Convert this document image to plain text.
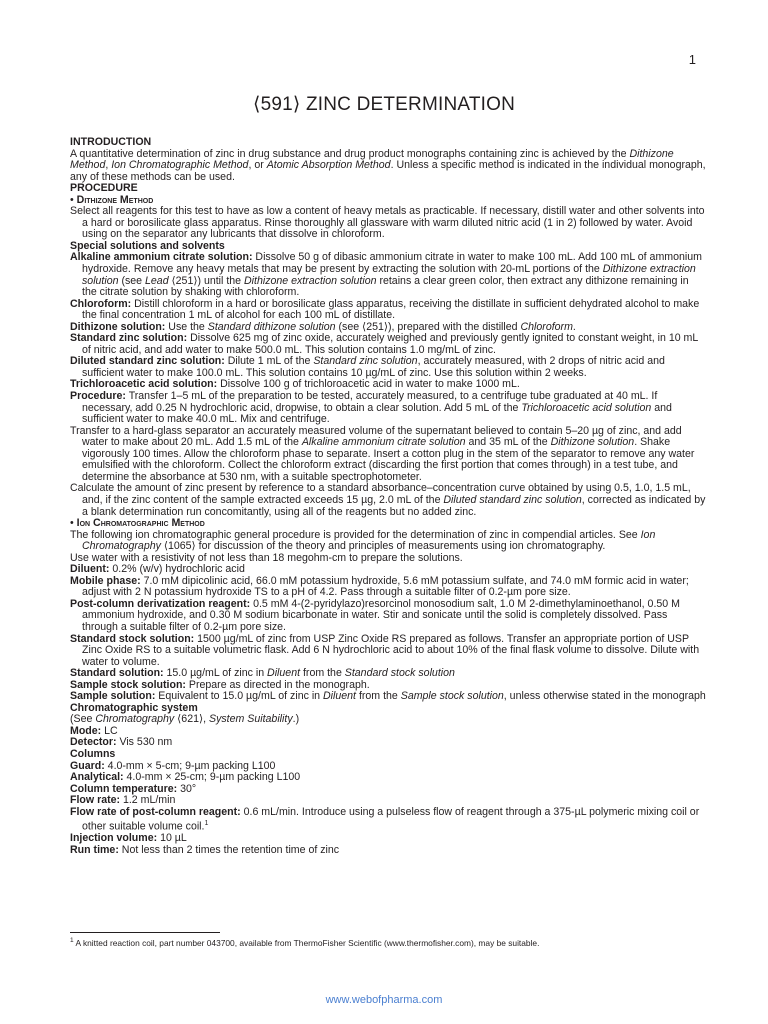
1
⟨591⟩ ZINC DETERMINATION

INTRODUCTION

A quantitative determination of zinc in drug substance and drug product monographs containing zinc is achieved by the Dithizone Method, Ion Chromatographic Method, or Atomic Absorption Method. Unless a specific method is indicated in the individual monograph, any of these methods can be used.

PROCEDURE

• Dithizone Method

Select all reagents for this test to have as low a content of heavy metals as practicable. If necessary, distill water and other solvents into a hard or borosilicate glass apparatus. Rinse thoroughly all glassware with warm diluted nitric acid (1 in 2) followed by water. Avoid using on the separator any lubricants that dissolve in chloroform.

Special solutions and solvents

Alkaline ammonium citrate solution: Dissolve 50 g of dibasic ammonium citrate in water to make 100 mL. Add 100 mL of ammonium hydroxide. Remove any heavy metals that may be present by extracting the solution with 20-mL portions of the Dithizone extraction solution (see Lead ⟨251⟩) until the Dithizone extraction solution retains a clear green color, then extract any dithizone remaining in the citrate solution by shaking with chloroform.

Chloroform: Distill chloroform in a hard or borosilicate glass apparatus, receiving the distillate in sufficient dehydrated alcohol to make the final concentration 1 mL of alcohol for each 100 mL of distillate.

Dithizone solution: Use the Standard dithizone solution (see ⟨251⟩), prepared with the distilled Chloroform.

Standard zinc solution: Dissolve 625 mg of zinc oxide, accurately weighed and previously gently ignited to constant weight, in 10 mL of nitric acid, and add water to make 500.0 mL. This solution contains 1.0 mg/mL of zinc.

Diluted standard zinc solution: Dilute 1 mL of the Standard zinc solution, accurately measured, with 2 drops of nitric acid and sufficient water to make 100.0 mL. This solution contains 10 µg/mL of zinc. Use this solution within 2 weeks.

Trichloroacetic acid solution: Dissolve 100 g of trichloroacetic acid in water to make 1000 mL.

Procedure: Transfer 1–5 mL of the preparation to be tested, accurately measured, to a centrifuge tube graduated at 40 mL. If necessary, add 0.25 N hydrochloric acid, dropwise, to obtain a clear solution. Add 5 mL of the Trichloroacetic acid solution and sufficient water to make 40.0 mL. Mix and centrifuge.

Transfer to a hard-glass separator an accurately measured volume of the supernatant believed to contain 5–20 µg of zinc, and add water to make about 20 mL. Add 1.5 mL of the Alkaline ammonium citrate solution and 35 mL of the Dithizone solution. Shake vigorously 100 times. Allow the chloroform phase to separate. Insert a cotton plug in the stem of the separator to remove any water emulsified with the chloroform. Collect the chloroform extract (discarding the first portion that comes through) in a test tube, and determine the absorbance at 530 nm, with a suitable spectrophotometer.

Calculate the amount of zinc present by reference to a standard absorbance–concentration curve obtained by using 0.5, 1.0, 1.5 mL, and, if the zinc content of the sample extracted exceeds 15 µg, 2.0 mL of the Diluted standard zinc solution, corrected as indicated by a blank determination run concomitantly, using all of the reagents but no added zinc.

• Ion Chromatographic Method

The following ion chromatographic general procedure is provided for the determination of zinc in compendial articles. See Ion Chromatography ⟨1065⟩ for discussion of the theory and principles of measurements using ion chromatography.

Use water with a resistivity of not less than 18 megohm-cm to prepare the solutions.

Diluent: 0.2% (w/v) hydrochloric acid

Mobile phase: 7.0 mM dipicolinic acid, 66.0 mM potassium hydroxide, 5.6 mM potassium sulfate, and 74.0 mM formic acid in water; adjust with 2 N potassium hydroxide TS to a pH of 4.2. Pass through a suitable filter of 0.2-µm pore size.

Post-column derivatization reagent: 0.5 mM 4-(2-pyridylazo)resorcinol monosodium salt, 1.0 M 2-dimethylaminoethanol, 0.50 M ammonium hydroxide, and 0.30 M sodium bicarbonate in water. Stir and sonicate until the solid is completely dissolved. Pass through a suitable filter of 0.2-µm pore size.

Standard stock solution: 1500 µg/mL of zinc from USP Zinc Oxide RS prepared as follows. Transfer an appropriate portion of USP Zinc Oxide RS to a suitable volumetric flask. Add 6 N hydrochloric acid to about 10% of the final flask volume to dissolve. Dilute with water to volume.

Standard solution: 15.0 µg/mL of zinc in Diluent from the Standard stock solution

Sample stock solution: Prepare as directed in the monograph.

Sample solution: Equivalent to 15.0 µg/mL of zinc in Diluent from the Sample stock solution, unless otherwise stated in the monograph

Chromatographic system

(See Chromatography ⟨621⟩, System Suitability.)

Mode: LC

Detector: Vis 530 nm

Columns

Guard: 4.0-mm × 5-cm; 9-µm packing L100

Analytical: 4.0-mm × 25-cm; 9-µm packing L100

Column temperature: 30°

Flow rate: 1.2 mL/min

Flow rate of post-column reagent: 0.6 mL/min. Introduce using a pulseless flow of reagent through a 375-µL polymeric mixing coil or other suitable volume coil.$^1$

Injection volume: 10 µL

Run time: Not less than 2 times the retention time of zinc

$^1$ A knitted reaction coil, part number 043700, available from ThermoFisher Scientific (www.thermofisher.com), may be suitable.
www.webofpharma.com
